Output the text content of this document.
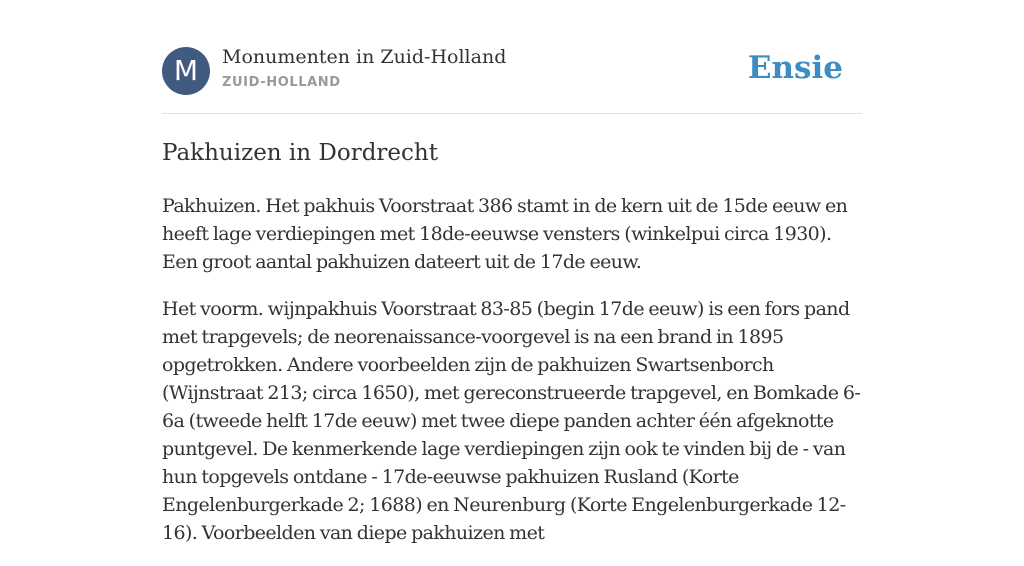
M	Monumenten in Zuid-Holland
ZUID-HOLLAND	Ensie
Pakhuizen in Dordrecht

Pakhuizen. Het pakhuis Voorstraat 386 stamt in de kern uit de 15de eeuw en heeft lage verdiepingen met 18de-eeuwse vensters (winkelpui circa 1930). Een groot aantal pakhuizen dateert uit de 17de eeuw.

Het voorm. wijnpakhuis Voorstraat 83-85 (begin 17de eeuw) is een fors pand met trapgevels; de neorenaissance-voorgevel is na een brand in 1895 opgetrokken. Andere voorbeelden zijn de pakhuizen Swartsenborch (Wijnstraat 213; circa 1650), met gereconstrueerde trapgevel, en Bomkade 6-6a (tweede helft 17de eeuw) met twee diepe panden achter één afgeknotte puntgevel. De kenmerkende lage verdiepingen zijn ook te vinden bij de - van hun topgevels ontdane - 17de-eeuwse pakhuizen Rusland (Korte Engelenburgerkade 2; 1688) en Neurenburg (Korte Engelenburgerkade 12-16). Voorbeelden van diepe pakhuizen met
